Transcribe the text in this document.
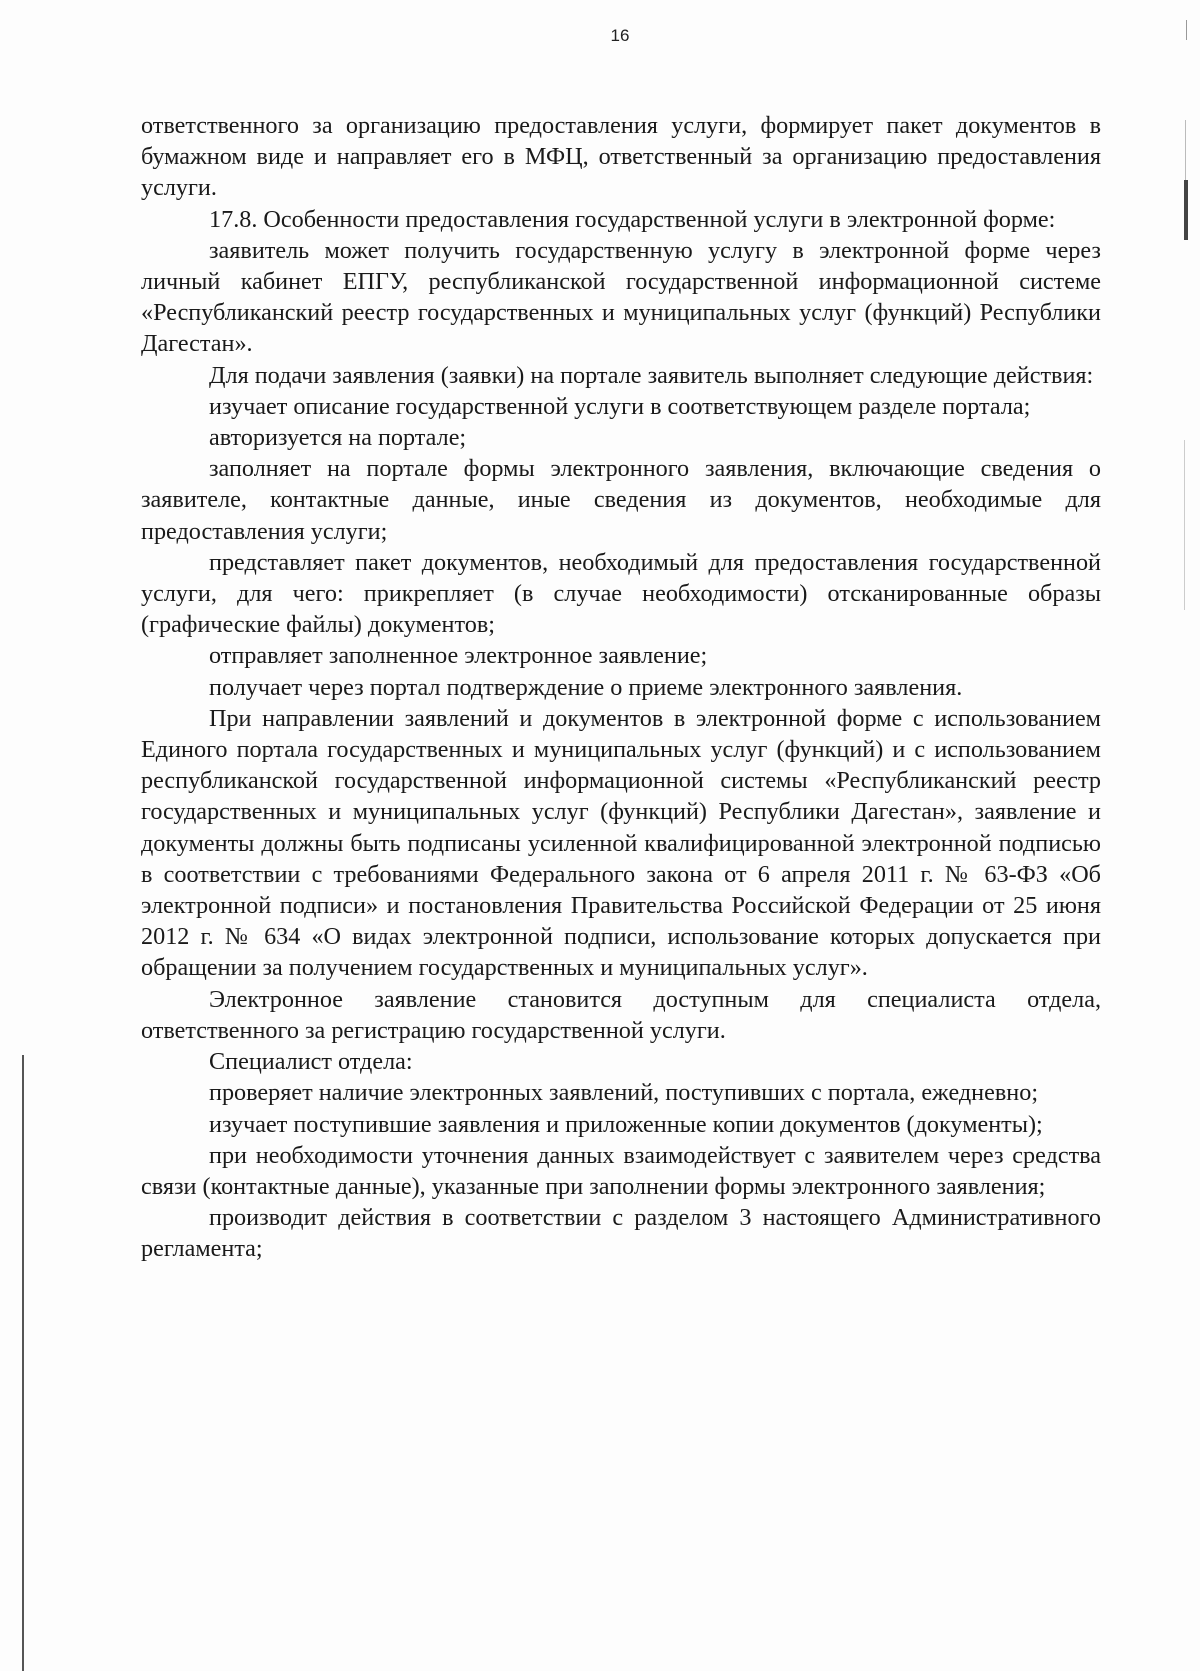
16

ответственного за организацию предоставления услуги, формирует пакет документов в бумажном виде и направляет его в МФЦ, ответственный за организацию предоставления услуги.

17.8. Особенности предоставления государственной услуги в электронной форме:

заявитель может получить государственную услугу в электронной форме через личный кабинет ЕПГУ, республиканской государственной информационной системе «Республиканский реестр государственных и муниципальных услуг (функций) Республики Дагестан».

Для подачи заявления (заявки) на портале заявитель выполняет следующие действия:

изучает описание государственной услуги в соответствующем разделе портала;

авторизуется на портале;

заполняет на портале формы электронного заявления, включающие сведения о заявителе, контактные данные, иные сведения из документов, необходимые для предоставления услуги;

представляет пакет документов, необходимый для предоставления государственной услуги, для чего: прикрепляет (в случае необходимости) отсканированные образы (графические файлы) документов;

отправляет заполненное электронное заявление;

получает через портал подтверждение о приеме электронного заявления.

При направлении заявлений и документов в электронной форме с использованием Единого портала государственных и муниципальных услуг (функций) и с использованием республиканской государственной информационной системы «Республиканский реестр государственных и муниципальных услуг (функций) Республики Дагестан», заявление и документы должны быть подписаны усиленной квалифицированной электронной подписью в соответствии с требованиями Федерального закона от 6 апреля 2011 г. № 63-ФЗ «Об электронной подписи» и постановления Правительства Российской Федерации от 25 июня 2012 г. № 634 «О видах электронной подписи, использование которых допускается при обращении за получением государственных и муниципальных услуг».

Электронное заявление становится доступным для специалиста отдела, ответственного за регистрацию государственной услуги.

Специалист отдела:

проверяет наличие электронных заявлений, поступивших с портала, ежедневно;

изучает поступившие заявления и приложенные копии документов (документы);

при необходимости уточнения данных взаимодействует с заявителем через средства связи (контактные данные), указанные при заполнении формы электронного заявления;

производит действия в соответствии с разделом 3 настоящего Административного регламента;
